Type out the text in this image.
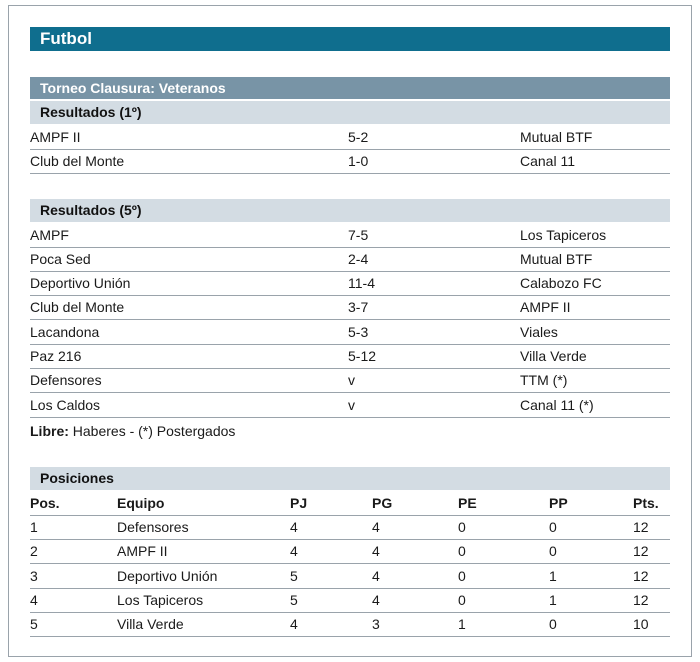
Futbol
Torneo Clausura: Veteranos
Resultados (1º)
AMPF II	5-2	Mutual BTF
Club del Monte	1-0	Canal 11
Resultados (5º)
AMPF	7-5	Los Tapiceros
Poca Sed	2-4	Mutual BTF
Deportivo Unión	11-4	Calabozo FC
Club del Monte	3-7	AMPF II
Lacandona	5-3	Viales
Paz 216	5-12	Villa Verde
Defensores	v	TTM (*)
Los Caldos	v	Canal 11 (*)
Libre: Haberes - (*) Postergados
Posiciones
Pos.	Equipo	PJ	PG	PE	PP	Pts.
1	Defensores	4	4	0	0	12
2	AMPF II	4	4	0	0	12
3	Deportivo Unión	5	4	0	1	12
4	Los Tapiceros	5	4	0	1	12
5	Villa Verde	4	3	1	0	10
